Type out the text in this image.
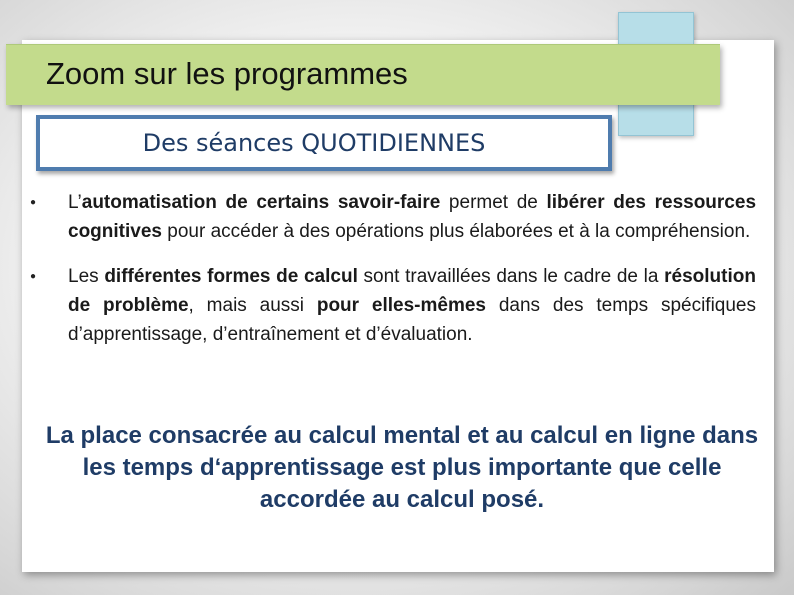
Zoom sur les programmes
Des séances QUOTIDIENNES
● L’automatisation de certains savoir-faire permet de libérer des ressources cognitives pour accéder à des opérations plus élaborées et à la compréhension.
● Les différentes formes de calcul sont travaillées dans le cadre de la résolution de problème, mais aussi pour elles-mêmes dans des temps spécifiques d’apprentissage, d’entraînement et d’évaluation.
La place consacrée au calcul mental et au calcul en ligne dans les temps d‘apprentissage est plus importante que celle accordée au calcul posé.
